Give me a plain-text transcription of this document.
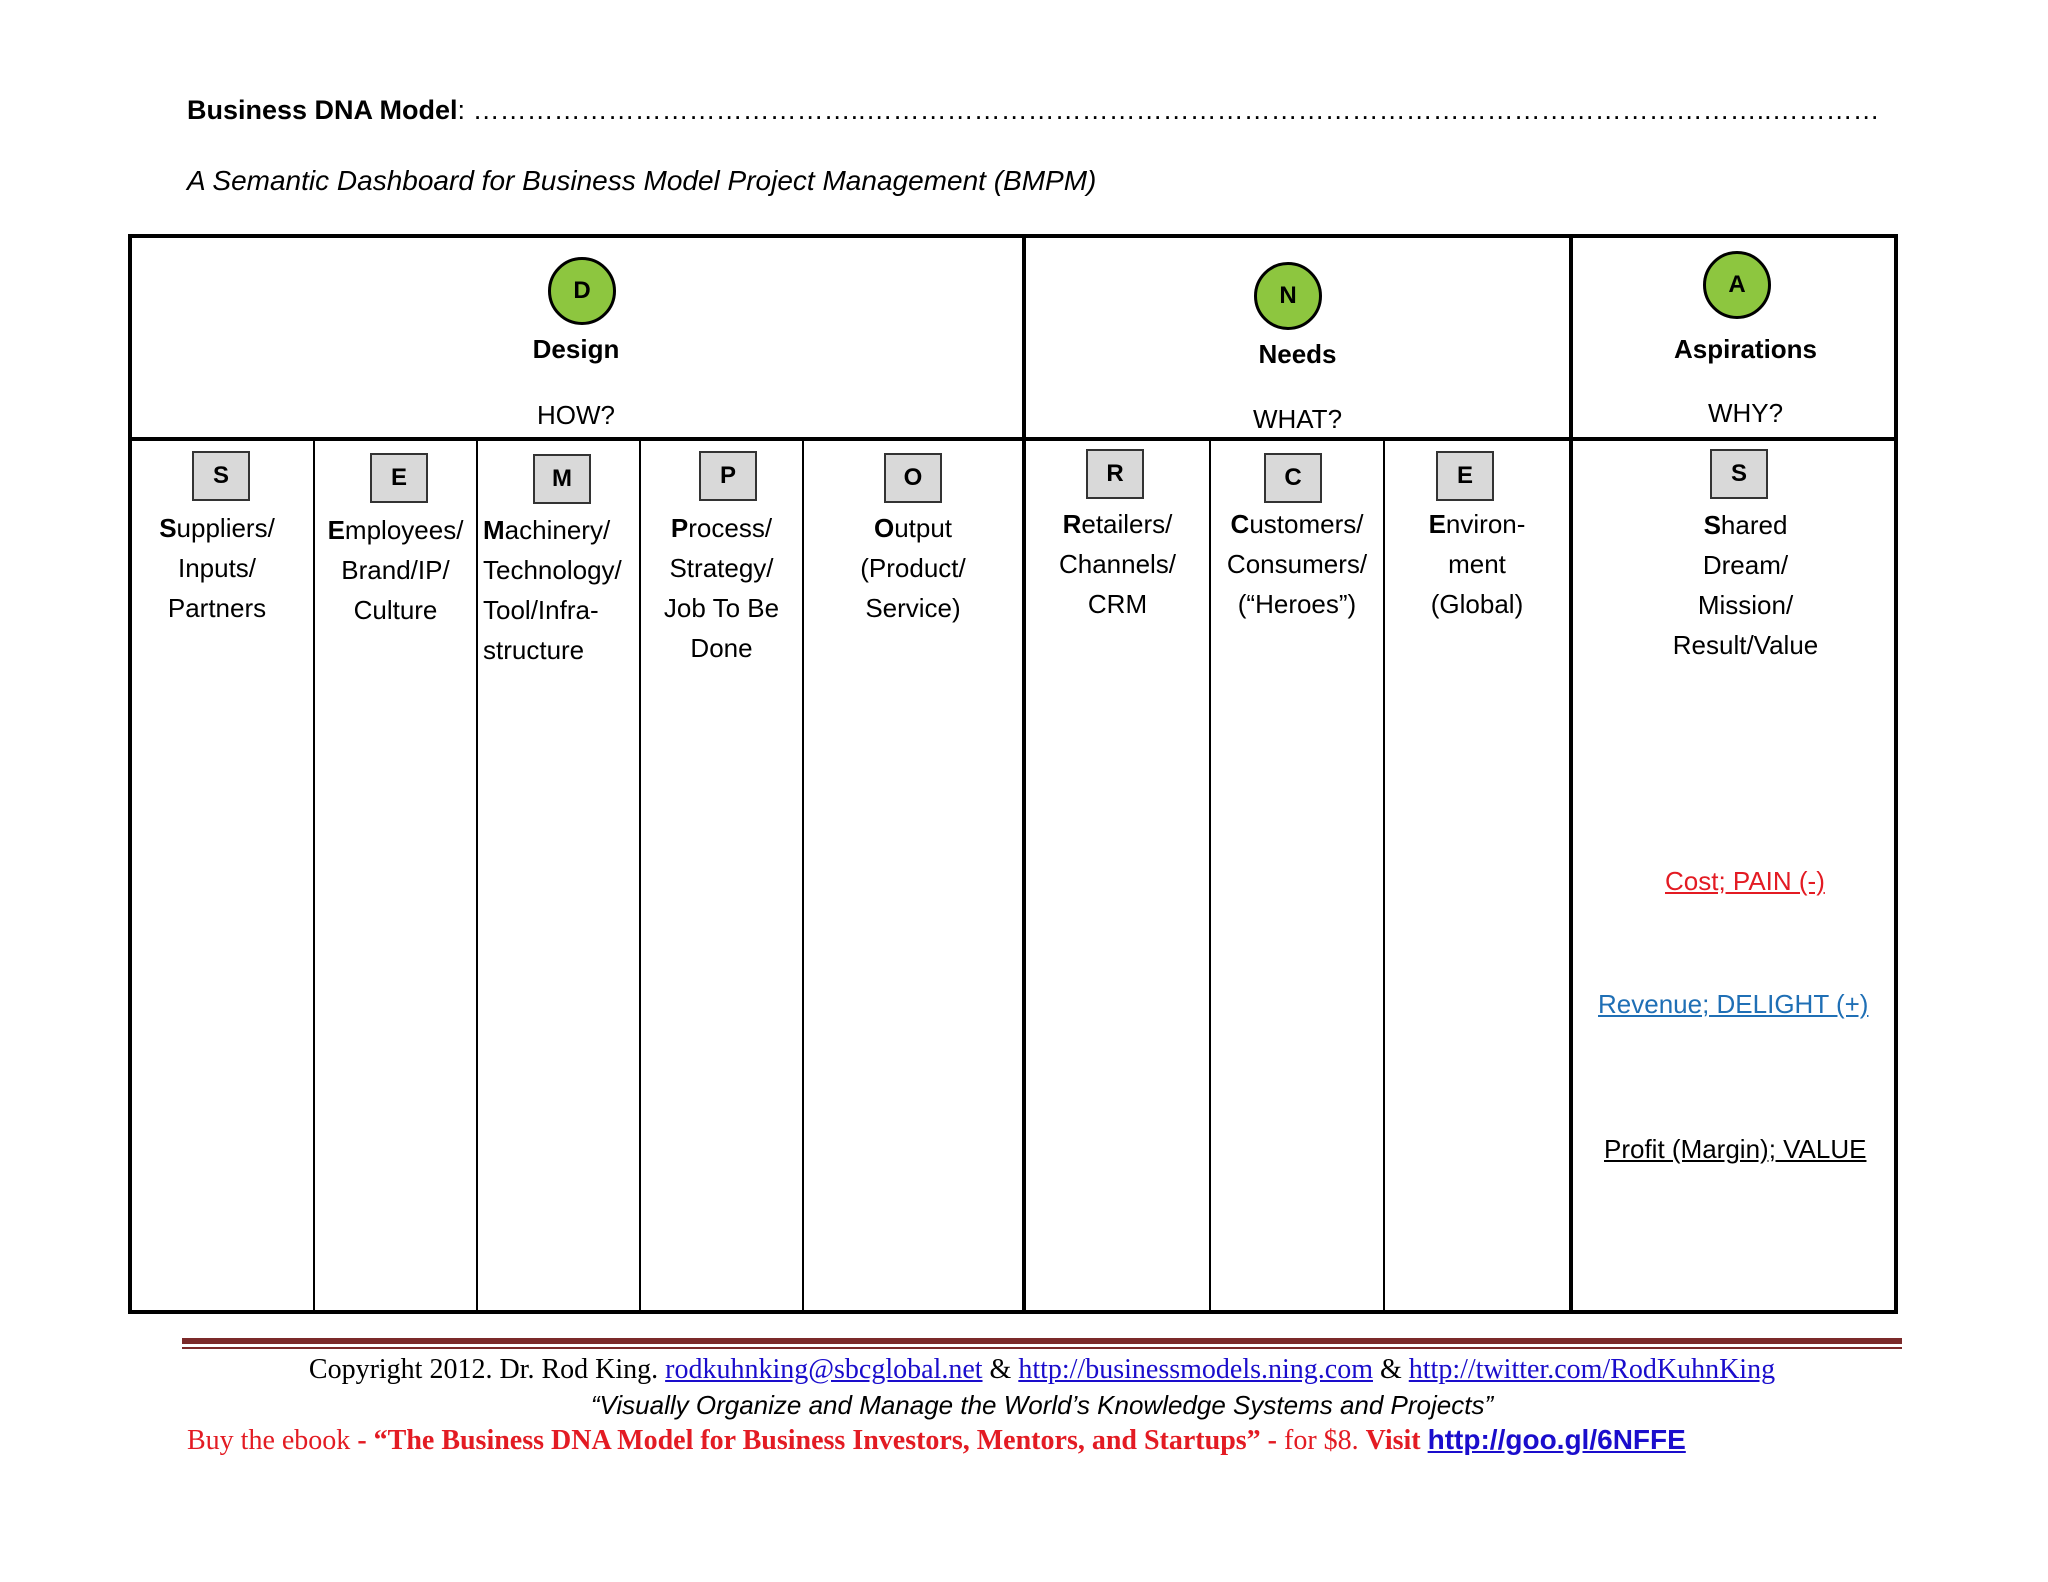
Business DNA Model: ……………………………………..………………………………………………………………………………………..…………
A Semantic Dashboard for Business Model Project Management (BMPM)
D
Design
HOW?
N
Needs
WHAT?
A
Aspirations
WHY?
S
Suppliers/
Inputs/
Partners
E
Employees/
Brand/IP/
Culture
M
Machinery/
Technology/
Tool/Infra-
structure
P
Process/
Strategy/
Job To Be
Done
O
Output
(Product/
Service)
R
Retailers/
Channels/
CRM
C
Customers/
Consumers/
(“Heroes”)
E
Environ-
ment
(Global)
S
Shared
Dream/
Mission/
Result/Value
Cost; PAIN (-)
Revenue; DELIGHT (+)
Profit (Margin); VALUE
Copyright 2012. Dr. Rod King. rodkuhnking@sbcglobal.net & http://businessmodels.ning.com & http://twitter.com/RodKuhnKing
“Visually Organize and Manage the World’s Knowledge Systems and Projects”
Buy the ebook - “The Business DNA Model for Business Investors, Mentors, and Startups” - for $8. Visit http://goo.gl/6NFFE
